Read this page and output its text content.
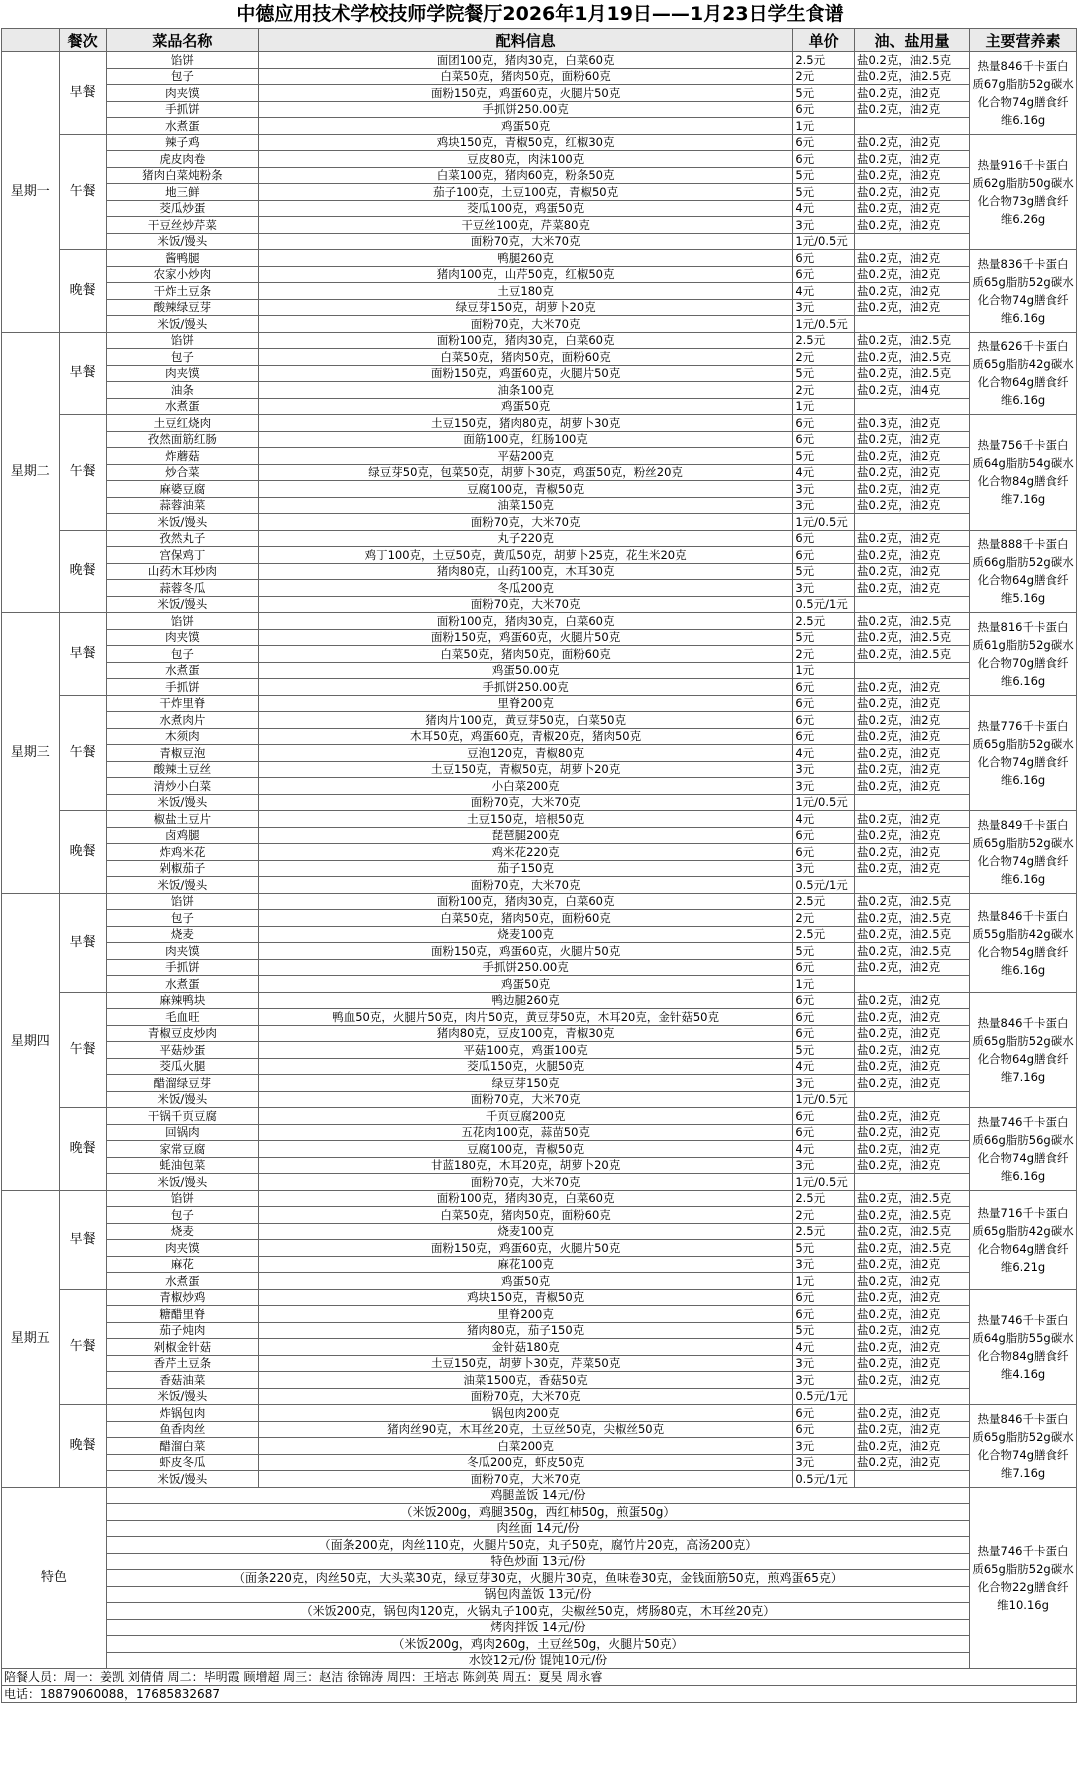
中德应用技术学校技师学院餐厅2026年1月19日——1月23日学生食谱
	餐次	菜品名称	配料信息	单价	油、盐用量	主要营养素
星期一	早餐	馅饼	面团100克，猪肉30克，白菜60克	2.5元	盐0.2克，油2.5克	热量846千卡蛋白质67g脂肪52g碳水化合物74g膳食纤维6.16g
		包子	白菜50克，猪肉50克，面粉60克	2元	盐0.2克，油2.5克	
		肉夹馍	面粉150克，鸡蛋60克，火腿片50克	5元	盐0.2克，油2克	
		手抓饼	手抓饼250.00克	6元	盐0.2克，油2克	
		水煮蛋	鸡蛋50克	1元		
	午餐	辣子鸡	鸡块150克，青椒50克，红椒30克	6元	盐0.2克，油2克	热量916千卡蛋白质62g脂肪50g碳水化合物73g膳食纤维6.26g
		虎皮肉卷	豆皮80克，肉沫100克	6元	盐0.2克，油2克	
		猪肉白菜炖粉条	白菜100克，猪肉60克，粉条50克	5元	盐0.2克，油2克	
		地三鲜	茄子100克，土豆100克，青椒50克	5元	盐0.2克，油2克	
		茭瓜炒蛋	茭瓜100克，鸡蛋50克	4元	盐0.2克，油2克	
		干豆丝炒芹菜	干豆丝100克，芹菜80克	3元	盐0.2克，油2克	
		米饭/馒头	面粉70克，大米70克	1元/0.5元		
	晚餐	酱鸭腿	鸭腿260克	6元	盐0.2克，油2克	热量836千卡蛋白质65g脂肪52g碳水化合物74g膳食纤维6.16g
		农家小炒肉	猪肉100克，山芹50克，红椒50克	6元	盐0.2克，油2克	
		干炸土豆条	土豆180克	4元	盐0.2克，油2克	
		酸辣绿豆芽	绿豆芽150克，胡萝卜20克	3元	盐0.2克，油2克	
		米饭/馒头	面粉70克，大米70克	1元/0.5元		
星期二	早餐	馅饼	面粉100克，猪肉30克，白菜60克	2.5元	盐0.2克，油2.5克	热量626千卡蛋白质65g脂肪42g碳水化合物64g膳食纤维6.16g
		包子	白菜50克，猪肉50克，面粉60克	2元	盐0.2克，油2.5克	
		肉夹馍	面粉150克，鸡蛋60克，火腿片50克	5元	盐0.2克，油2.5克	
		油条	油条100克	2元	盐0.2克，油4克	
		水煮蛋	鸡蛋50克	1元		
	午餐	土豆红烧肉	土豆150克，猪肉80克，胡萝卜30克	6元	盐0.3克，油2克	热量756千卡蛋白质64g脂肪54g碳水化合物84g膳食纤维7.16g
		孜然面筋红肠	面筋100克，红肠100克	6元	盐0.2克，油2克	
		炸蘑菇	平菇200克	5元	盐0.2克，油2克	
		炒合菜	绿豆芽50克，包菜50克，胡萝卜30克，鸡蛋50克，粉丝20克	4元	盐0.2克，油2克	
		麻婆豆腐	豆腐100克，青椒50克	3元	盐0.2克，油2克	
		蒜蓉油菜	油菜150克	3元	盐0.2克，油2克	
		米饭/馒头	面粉70克，大米70克	1元/0.5元		
	晚餐	孜然丸子	丸子220克	6元	盐0.2克，油2克	热量888千卡蛋白质66g脂肪52g碳水化合物64g膳食纤维5.16g
		宫保鸡丁	鸡丁100克，土豆50克，黄瓜50克，胡萝卜25克，花生米20克	6元	盐0.2克，油2克	
		山药木耳炒肉	猪肉80克，山药100克，木耳30克	5元	盐0.2克，油2克	
		蒜蓉冬瓜	冬瓜200克	3元	盐0.2克，油2克	
		米饭/馒头	面粉70克，大米70克	0.5元/1元		
星期三	早餐	馅饼	面粉100克，猪肉30克，白菜60克	2.5元	盐0.2克，油2.5克	热量816千卡蛋白质61g脂肪52g碳水化合物70g膳食纤维6.16g
		肉夹馍	面粉150克，鸡蛋60克，火腿片50克	5元	盐0.2克，油2.5克	
		包子	白菜50克，猪肉50克，面粉60克	2元	盐0.2克，油2.5克	
		水煮蛋	鸡蛋50.00克	1元		
		手抓饼	手抓饼250.00克	6元	盐0.2克，油2克	
	午餐	干炸里脊	里脊200克	6元	盐0.2克，油2克	热量776千卡蛋白质65g脂肪52g碳水化合物74g膳食纤维6.16g
		水煮肉片	猪肉片100克，黄豆芽50克，白菜50克	6元	盐0.2克，油2克	
		木须肉	木耳50克，鸡蛋60克，青椒20克，猪肉50克	6元	盐0.2克，油2克	
		青椒豆泡	豆泡120克，青椒80克	4元	盐0.2克，油2克	
		酸辣土豆丝	土豆150克，青椒50克，胡萝卜20克	3元	盐0.2克，油2克	
		清炒小白菜	小白菜200克	3元	盐0.2克，油2克	
		米饭/馒头	面粉70克，大米70克	1元/0.5元		
	晚餐	椒盐土豆片	土豆150克，培根50克	4元	盐0.2克，油2克	热量849千卡蛋白质65g脂肪52g碳水化合物74g膳食纤维6.16g
		卤鸡腿	琵琶腿200克	6元	盐0.2克，油2克	
		炸鸡米花	鸡米花220克	6元	盐0.2克，油2克	
		剁椒茄子	茄子150克	3元	盐0.2克，油2克	
		米饭/馒头	面粉70克，大米70克	0.5元/1元		
星期四	早餐	馅饼	面粉100克，猪肉30克，白菜60克	2.5元	盐0.2克，油2.5克	热量846千卡蛋白质55g脂肪42g碳水化合物54g膳食纤维6.16g
		包子	白菜50克，猪肉50克，面粉60克	2元	盐0.2克，油2.5克	
		烧麦	烧麦100克	2.5元	盐0.2克，油2.5克	
		肉夹馍	面粉150克，鸡蛋60克，火腿片50克	5元	盐0.2克，油2.5克	
		手抓饼	手抓饼250.00克	6元	盐0.2克，油2克	
		水煮蛋	鸡蛋50克	1元		
	午餐	麻辣鸭块	鸭边腿260克	6元	盐0.2克，油2克	热量846千卡蛋白质65g脂肪52g碳水化合物64g膳食纤维7.16g
		毛血旺	鸭血50克，火腿片50克，肉片50克，黄豆芽50克，木耳20克，金针菇50克	6元	盐0.2克，油2克	
		青椒豆皮炒肉	猪肉80克，豆皮100克，青椒30克	6元	盐0.2克，油2克	
		平菇炒蛋	平菇100克，鸡蛋100克	5元	盐0.2克，油2克	
		茭瓜火腿	茭瓜150克，火腿50克	4元	盐0.2克，油2克	
		醋溜绿豆芽	绿豆芽150克	3元	盐0.2克，油2克	
		米饭/馒头	面粉70克，大米70克	1元/0.5元		
	晚餐	干锅千页豆腐	千页豆腐200克	6元	盐0.2克，油2克	热量746千卡蛋白质66g脂肪56g碳水化合物74g膳食纤维6.16g
		回锅肉	五花肉100克，蒜苗50克	6元	盐0.2克，油2克	
		家常豆腐	豆腐100克，青椒50克	4元	盐0.2克，油2克	
		蚝油包菜	甘蓝180克，木耳20克，胡萝卜20克	3元	盐0.2克，油2克	
		米饭/馒头	面粉70克，大米70克	1元/0.5元		
星期五	早餐	馅饼	面粉100克，猪肉30克，白菜60克	2.5元	盐0.2克，油2.5克	热量716千卡蛋白质65g脂肪42g碳水化合物64g膳食纤维6.21g
		包子	白菜50克，猪肉50克，面粉60克	2元	盐0.2克，油2.5克	
		烧麦	烧麦100克	2.5元	盐0.2克，油2.5克	
		肉夹馍	面粉150克，鸡蛋60克，火腿片50克	5元	盐0.2克，油2.5克	
		麻花	麻花100克	3元	盐0.2克，油2克	
		水煮蛋	鸡蛋50克	1元	盐0.2克，油2克	
	午餐	青椒炒鸡	鸡块150克，青椒50克	6元	盐0.2克，油2克	热量746千卡蛋白质64g脂肪55g碳水化合物84g膳食纤维4.16g
		糖醋里脊	里脊200克	6元	盐0.2克，油2克	
		茄子炖肉	猪肉80克，茄子150克	5元	盐0.2克，油2克	
		剁椒金针菇	金针菇180克	4元	盐0.2克，油2克	
		香芹土豆条	土豆150克，胡萝卜30克，芹菜50克	3元	盐0.2克，油2克	
		香菇油菜	油菜1500克，香菇50克	3元	盐0.2克，油2克	
		米饭/馒头	面粉70克，大米70克	0.5元/1元		
	晚餐	炸锅包肉	锅包肉200克	6元	盐0.2克，油2克	热量846千卡蛋白质65g脂肪52g碳水化合物74g膳食纤维7.16g
		鱼香肉丝	猪肉丝90克，木耳丝20克，土豆丝50克，尖椒丝50克	6元	盐0.2克，油2克	
		醋溜白菜	白菜200克	3元	盐0.2克，油2克	
		虾皮冬瓜	冬瓜200克，虾皮50克	3元	盐0.2克，油2克	
		米饭/馒头	面粉70克，大米70克	0.5元/1元		
特色		鸡腿盖饭 14元/份				热量746千卡蛋白质65g脂肪52g碳水化合物22g膳食纤维10.16g
		（米饭200g，鸡腿350g，西红柿50g，煎蛋50g）				
		肉丝面 14元/份				
		（面条200克，肉丝110克，火腿片50克，丸子50克，腐竹片20克，高汤200克）				
		特色炒面 13元/份				
		（面条220克，肉丝50克，大头菜30克，绿豆芽30克，火腿片30克，鱼味卷30克，金钱面筋50克，煎鸡蛋65克）				
		锅包肉盖饭 13元/份				
		（米饭200克，锅包肉120克，火锅丸子100克，尖椒丝50克，烤肠80克，木耳丝20克）				
		烤肉拌饭 14元/份				
		（米饭200g，鸡肉260g，土豆丝50g，火腿片50克）				
		水饺12元/份 馄饨10元/份				
陪餐人员：周一：姜凯 刘倩倩 周二：毕明霞 顾增超 周三：赵洁 徐锦涛 周四：王培志 陈剑英 周五：夏昊 周永睿						
电话：18879060088，17685832687						
